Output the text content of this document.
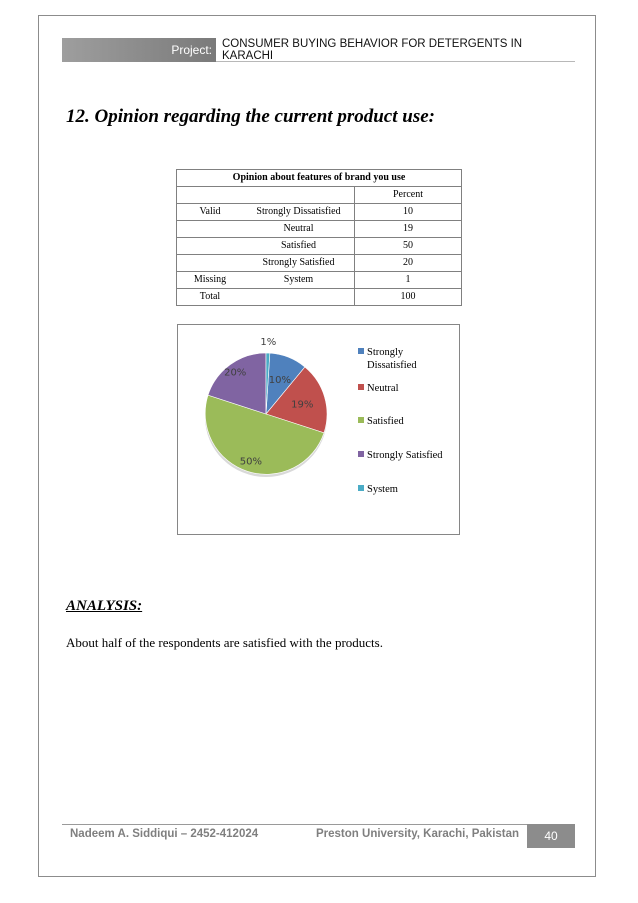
Project: CONSUMER BUYING BEHAVIOR FOR DETERGENTS IN KARACHI
12. Opinion regarding the current product use:
Opinion about features of brand you use		
		Percent
Valid	Strongly Dissatisfied	10
	Neutral	19
	Satisfied	50
	Strongly Satisfied	20
Missing	System	1
Total		100
10%
19%
50%
20%
1%
Strongly
Dissatisfied
Neutral
Satisfied
Strongly Satisfied
System
ANALYSIS:

About half of the respondents are satisfied with the products.

Nadeem A. Siddiqui – 2452-412024	Preston University, Karachi, Pakistan	40
